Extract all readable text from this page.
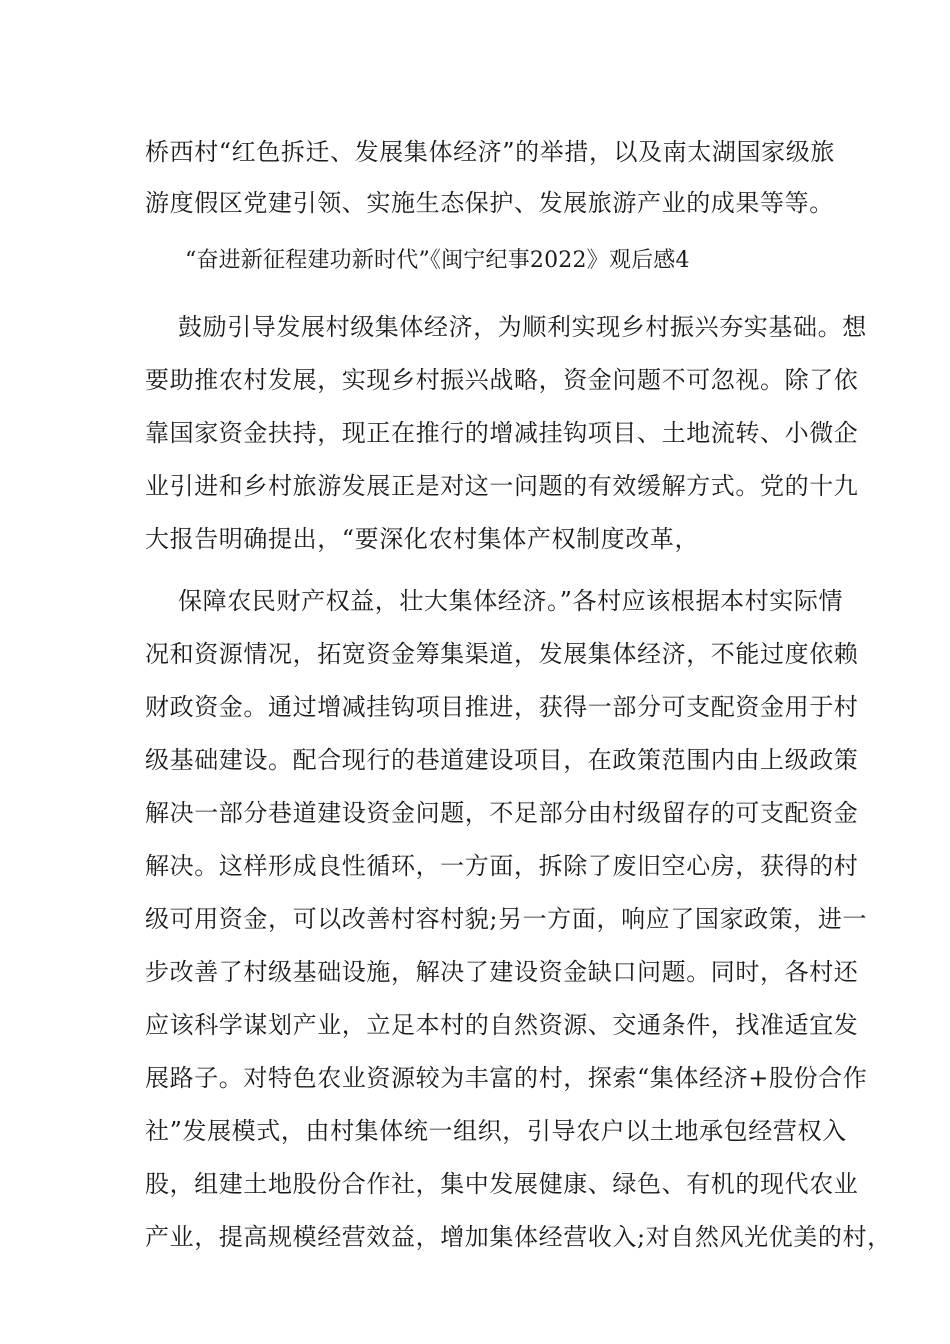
桥西村“红色拆迁、发展集体经济”的举措，以及南太湖国家级旅
游度假区党建引领、实施生态保护、发展旅游产业的成果等等。
“奋进新征程建功新时代”《闽宁纪事2022》观后感4
鼓励引导发展村级集体经济，为顺利实现乡村振兴夯实基础。想
要助推农村发展，实现乡村振兴战略，资金问题不可忽视。除了依
靠国家资金扶持，现正在推行的增减挂钩项目、土地流转、小微企
业引进和乡村旅游发展正是对这一问题的有效缓解方式。党的十九
大报告明确提出，“要深化农村集体产权制度改革，
保障农民财产权益，壮大集体经济。”各村应该根据本村实际情
况和资源情况，拓宽资金筹集渠道，发展集体经济，不能过度依赖
财政资金。通过增减挂钩项目推进，获得一部分可支配资金用于村
级基础建设。配合现行的巷道建设项目，在政策范围内由上级政策
解决一部分巷道建设资金问题，不足部分由村级留存的可支配资金
解决。这样形成良性循环，一方面，拆除了废旧空心房，获得的村
级可用资金，可以改善村容村貌;另一方面，响应了国家政策，进一
步改善了村级基础设施，解决了建设资金缺口问题。同时，各村还
应该科学谋划产业，立足本村的自然资源、交通条件，找准适宜发
展路子。对特色农业资源较为丰富的村，探索“集体经济+股份合作
社”发展模式，由村集体统一组织，引导农户以土地承包经营权入
股，组建土地股份合作社，集中发展健康、绿色、有机的现代农业
产业，提高规模经营效益，增加集体经营收入;对自然风光优美的村，
